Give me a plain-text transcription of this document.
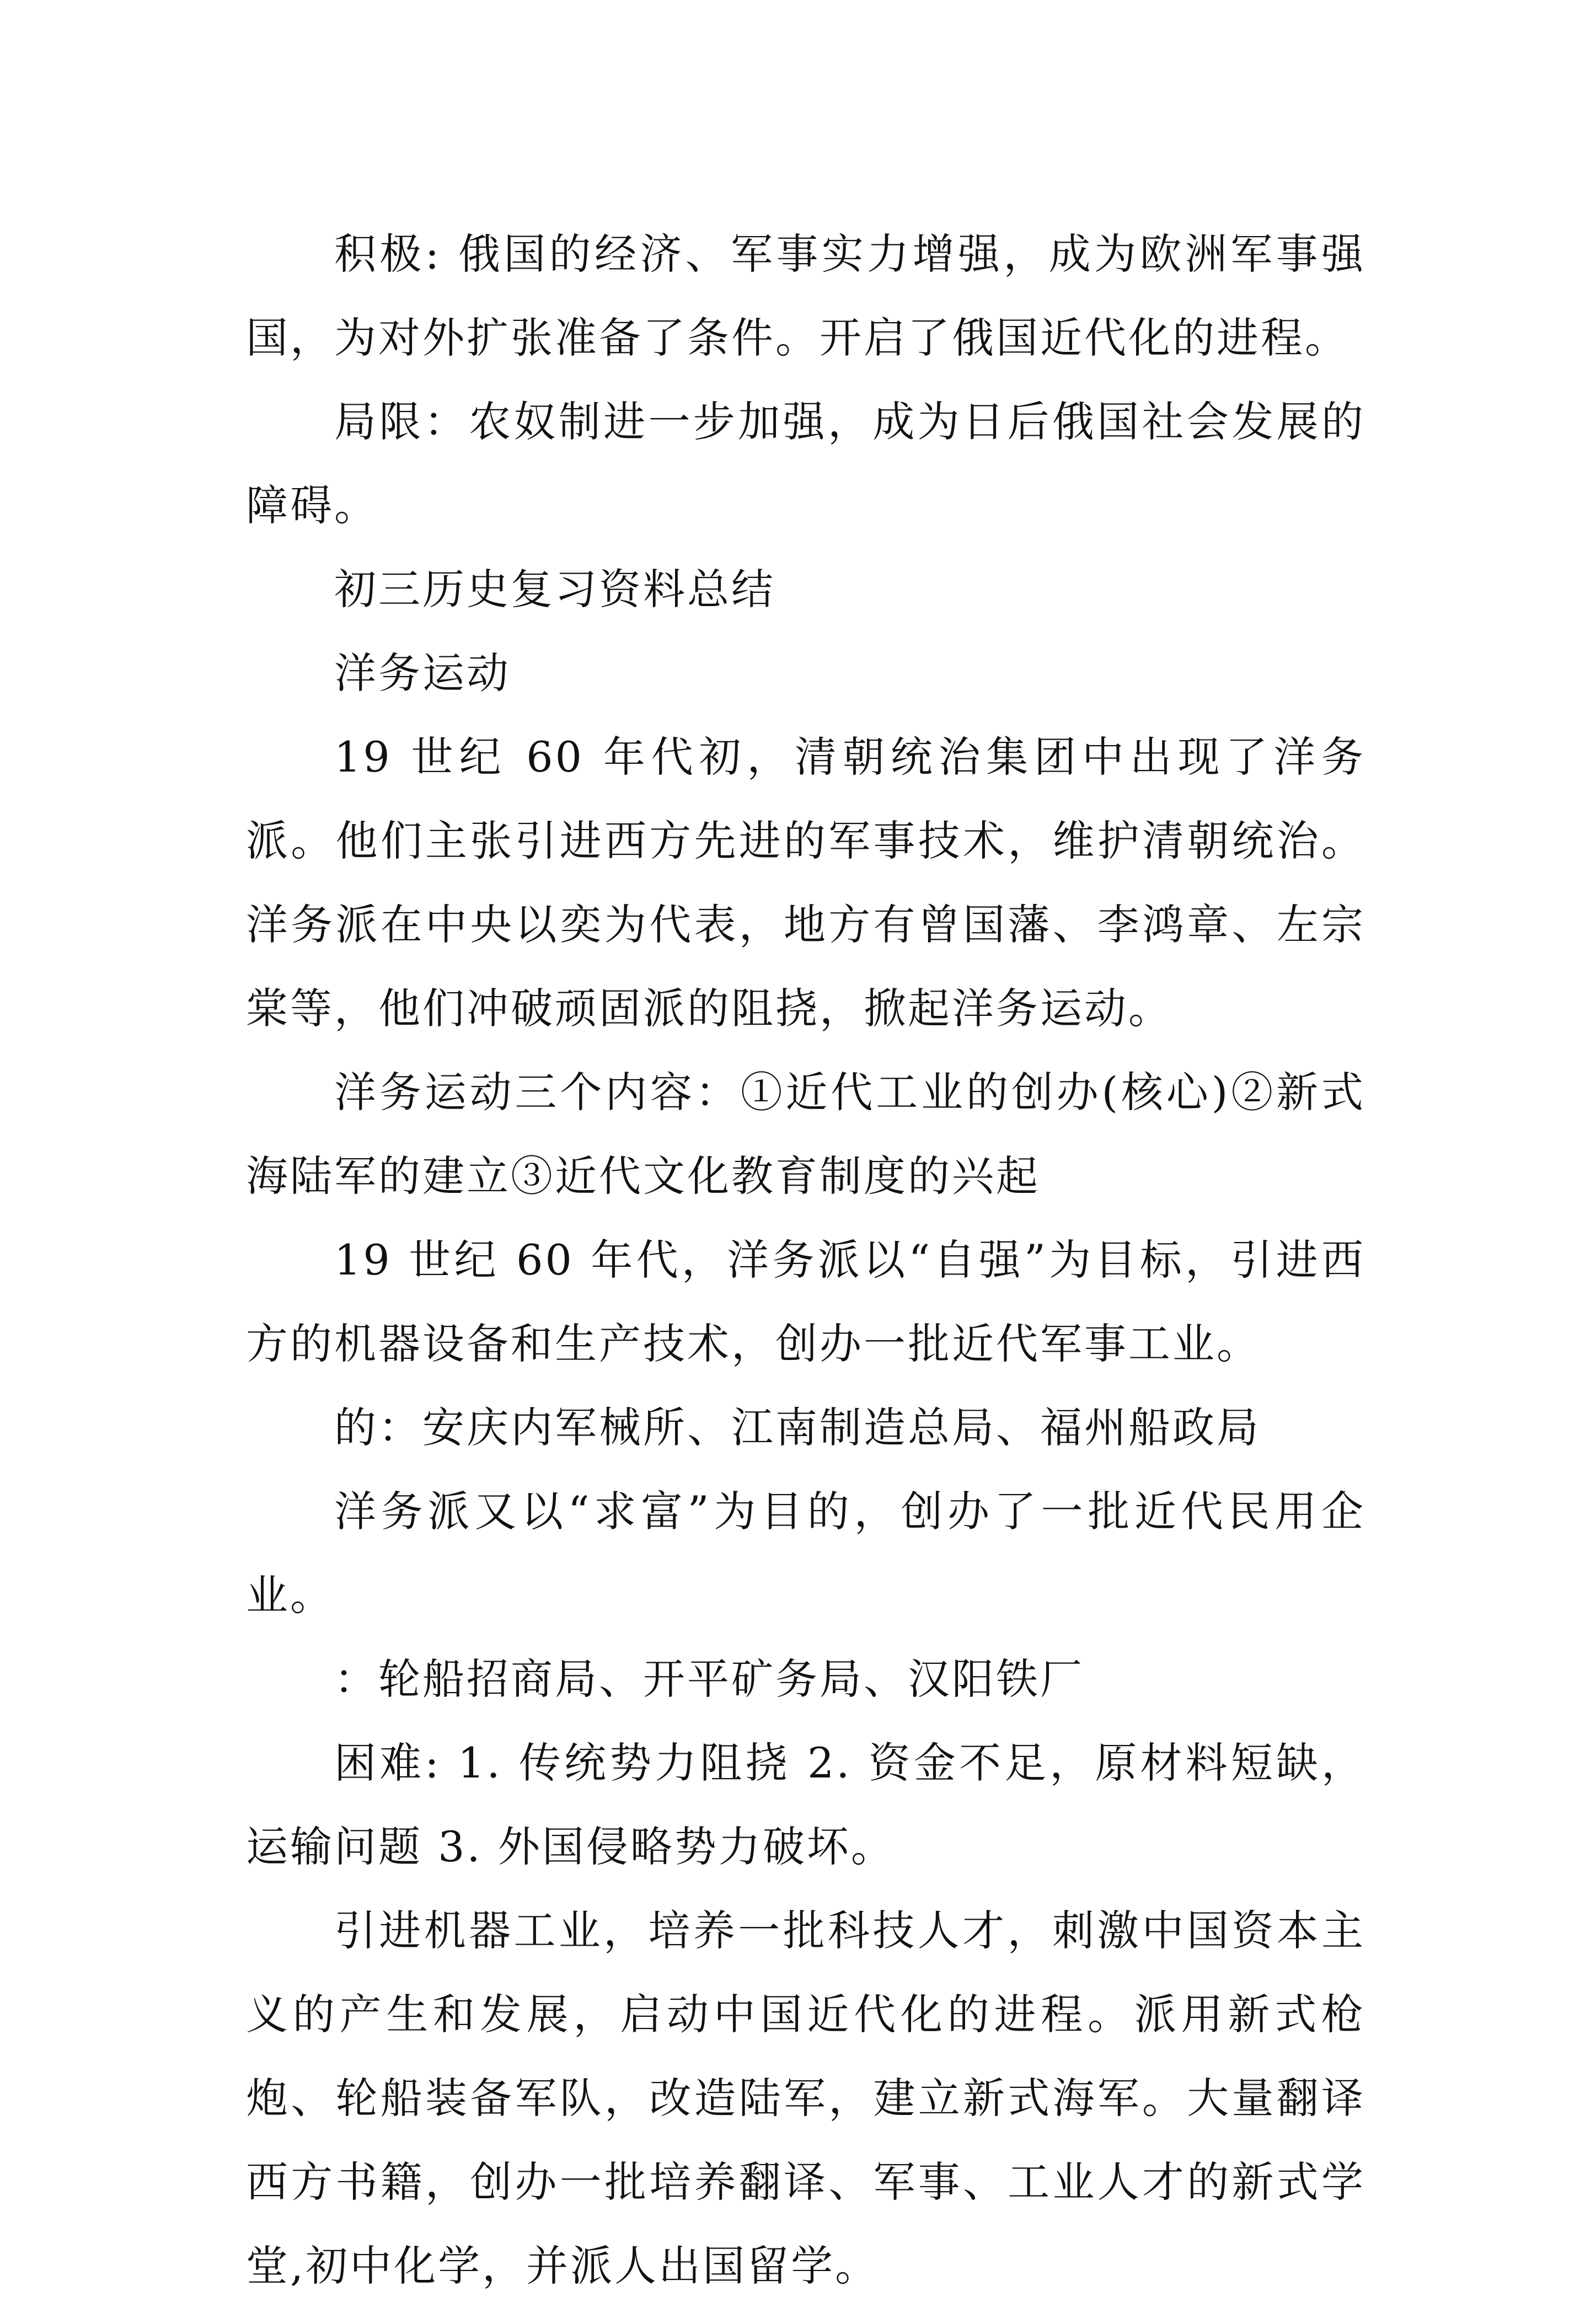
积极: 俄国的经济、军事实力增强，成为欧洲军事强国，为对外扩张准备了条件。开启了俄国近代化的进程。

局限：农奴制进一步加强，成为日后俄国社会发展的障碍。

初三历史复习资料总结

洋务运动

19 世纪 60 年代初，清朝统治集团中出现了洋务派。他们主张引进西方先进的军事技术，维护清朝统治。洋务派在中央以奕为代表，地方有曾国藩、李鸿章、左宗棠等，他们冲破顽固派的阻挠，掀起洋务运动。

洋务运动三个内容：①近代工业的创办(核心)②新式海陆军的建立③近代文化教育制度的兴起

19 世纪 60 年代，洋务派以“自强”为目标，引进西方的机器设备和生产技术，创办一批近代军事工业。

的：安庆内军械所、江南制造总局、福州船政局

洋务派又以“求富”为目的，创办了一批近代民用企业。

：轮船招商局、开平矿务局、汉阳铁厂

困难: 1. 传统势力阻挠 2. 资金不足，原材料短缺，运输问题 3. 外国侵略势力破坏。

引进机器工业，培养一批科技人才，刺激中国资本主义的产生和发展，启动中国近代化的进程。派用新式枪炮、轮船装备军队，改造陆军，建立新式海军。大量翻译西方书籍，创办一批培养翻译、军事、工业人才的新式学堂,初中化学，并派人出国留学。
